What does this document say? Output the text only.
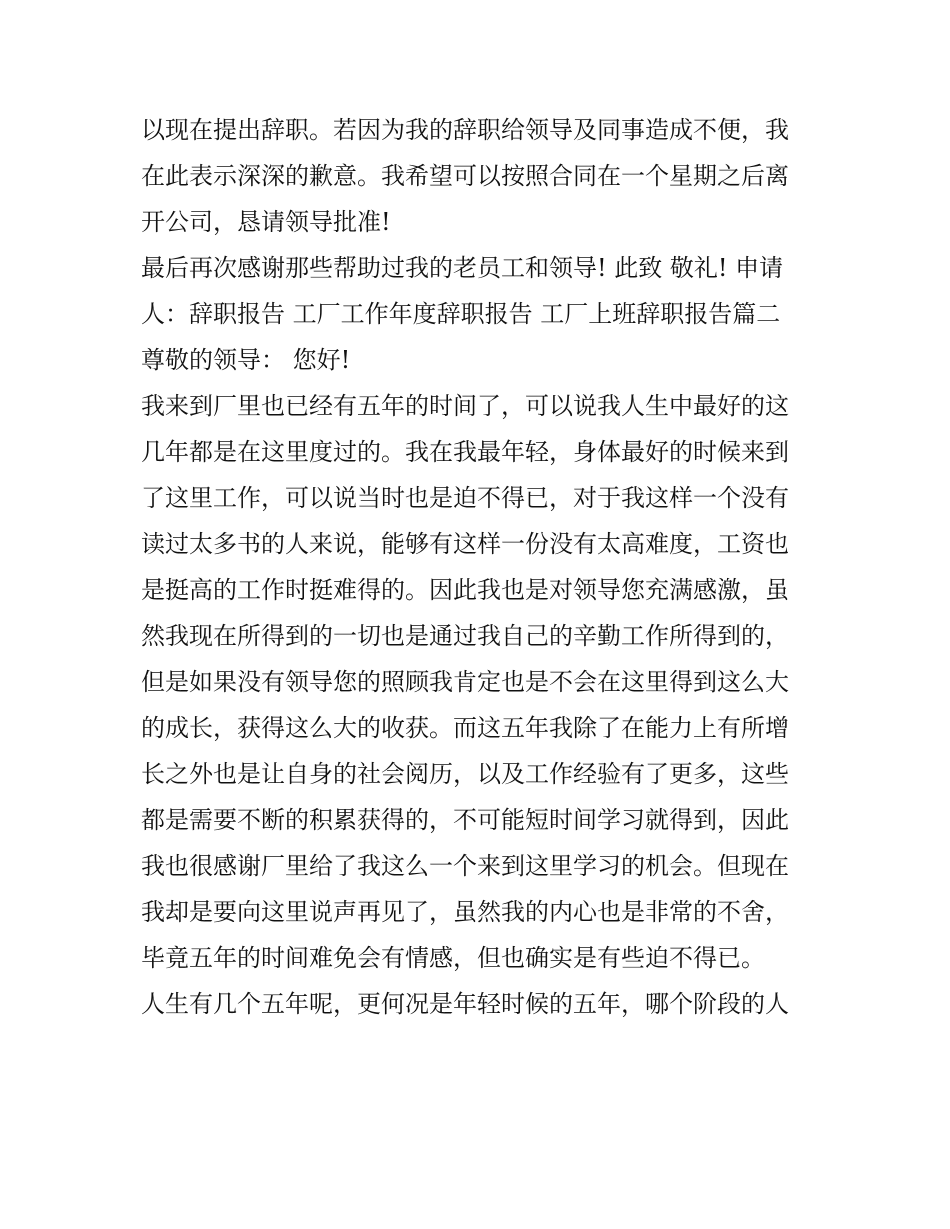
以现在提出辞职。若因为我的辞职给领导及同事造成不便，我
在此表示深深的歉意。我希望可以按照合同在一个星期之后离
开公司，恳请领导批准!
最后再次感谢那些帮助过我的老员工和领导! 此致 敬礼! 申请
人：辞职报告 工厂工作年度辞职报告 工厂上班辞职报告篇二
尊敬的领导： 您好!
我来到厂里也已经有五年的时间了，可以说我人生中最好的这
几年都是在这里度过的。我在我最年轻，身体最好的时候来到
了这里工作，可以说当时也是迫不得已，对于我这样一个没有
读过太多书的人来说，能够有这样一份没有太高难度，工资也
是挺高的工作时挺难得的。因此我也是对领导您充满感激，虽
然我现在所得到的一切也是通过我自己的辛勤工作所得到的，
但是如果没有领导您的照顾我肯定也是不会在这里得到这么大
的成长，获得这么大的收获。而这五年我除了在能力上有所增
长之外也是让自身的社会阅历，以及工作经验有了更多，这些
都是需要不断的积累获得的，不可能短时间学习就得到，因此
我也很感谢厂里给了我这么一个来到这里学习的机会。但现在
我却是要向这里说声再见了，虽然我的内心也是非常的不舍，
毕竟五年的时间难免会有情感，但也确实是有些迫不得已。
人生有几个五年呢，更何况是年轻时候的五年，哪个阶段的人
